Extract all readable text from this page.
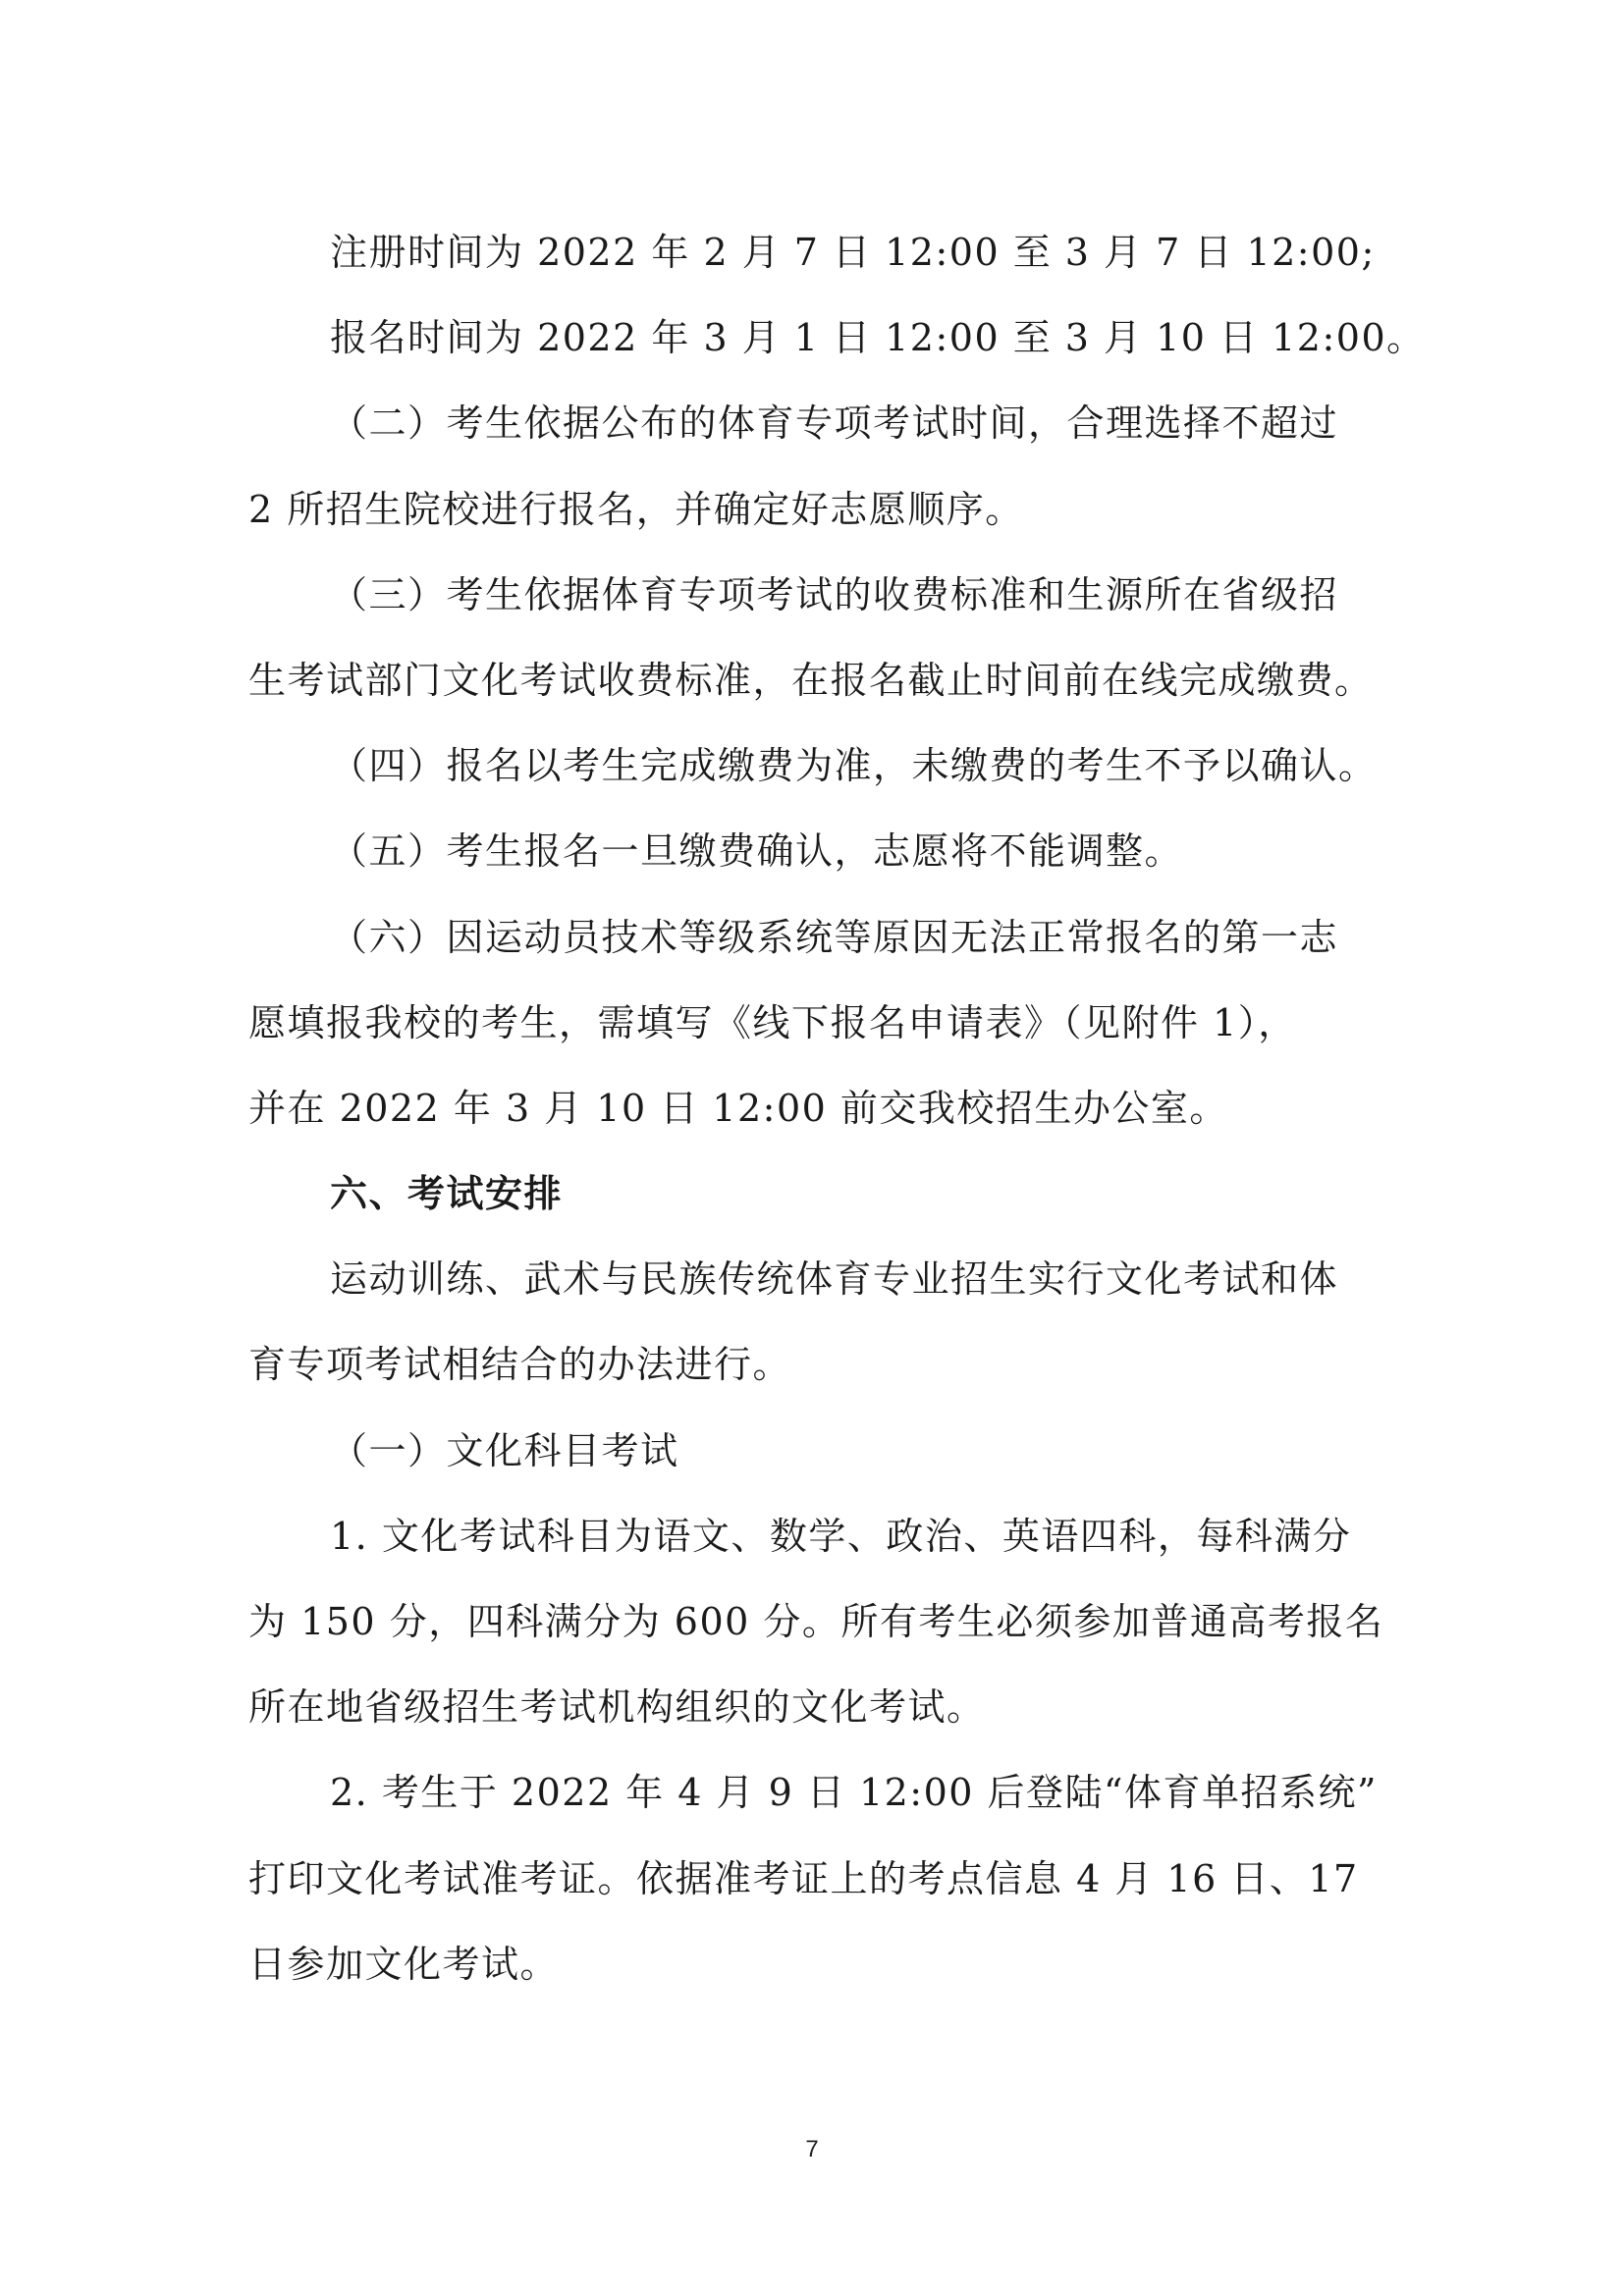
注册时间为 2022 年 2 月 7 日 12:00 至 3 月 7 日 12:00;
报名时间为 2022 年 3 月 1 日 12:00 至 3 月 10 日 12:00。
（二）考生依据公布的体育专项考试时间，合理选择不超过
2 所招生院校进行报名，并确定好志愿顺序。
（三）考生依据体育专项考试的收费标准和生源所在省级招
生考试部门文化考试收费标准，在报名截止时间前在线完成缴费。
（四）报名以考生完成缴费为准，未缴费的考生不予以确认。
（五）考生报名一旦缴费确认，志愿将不能调整。
（六）因运动员技术等级系统等原因无法正常报名的第一志
愿填报我校的考生，需填写《线下报名申请表》（见附件 1），
并在 2022 年 3 月 10 日 12:00 前交我校招生办公室。
六、考试安排
运动训练、武术与民族传统体育专业招生实行文化考试和体
育专项考试相结合的办法进行。
（一）文化科目考试
1. 文化考试科目为语文、数学、政治、英语四科，每科满分
为 150 分，四科满分为 600 分。所有考生必须参加普通高考报名
所在地省级招生考试机构组织的文化考试。
2. 考生于 2022 年 4 月 9 日 12:00 后登陆“体育单招系统”
打印文化考试准考证。依据准考证上的考点信息 4 月 16 日、17
日参加文化考试。
7
